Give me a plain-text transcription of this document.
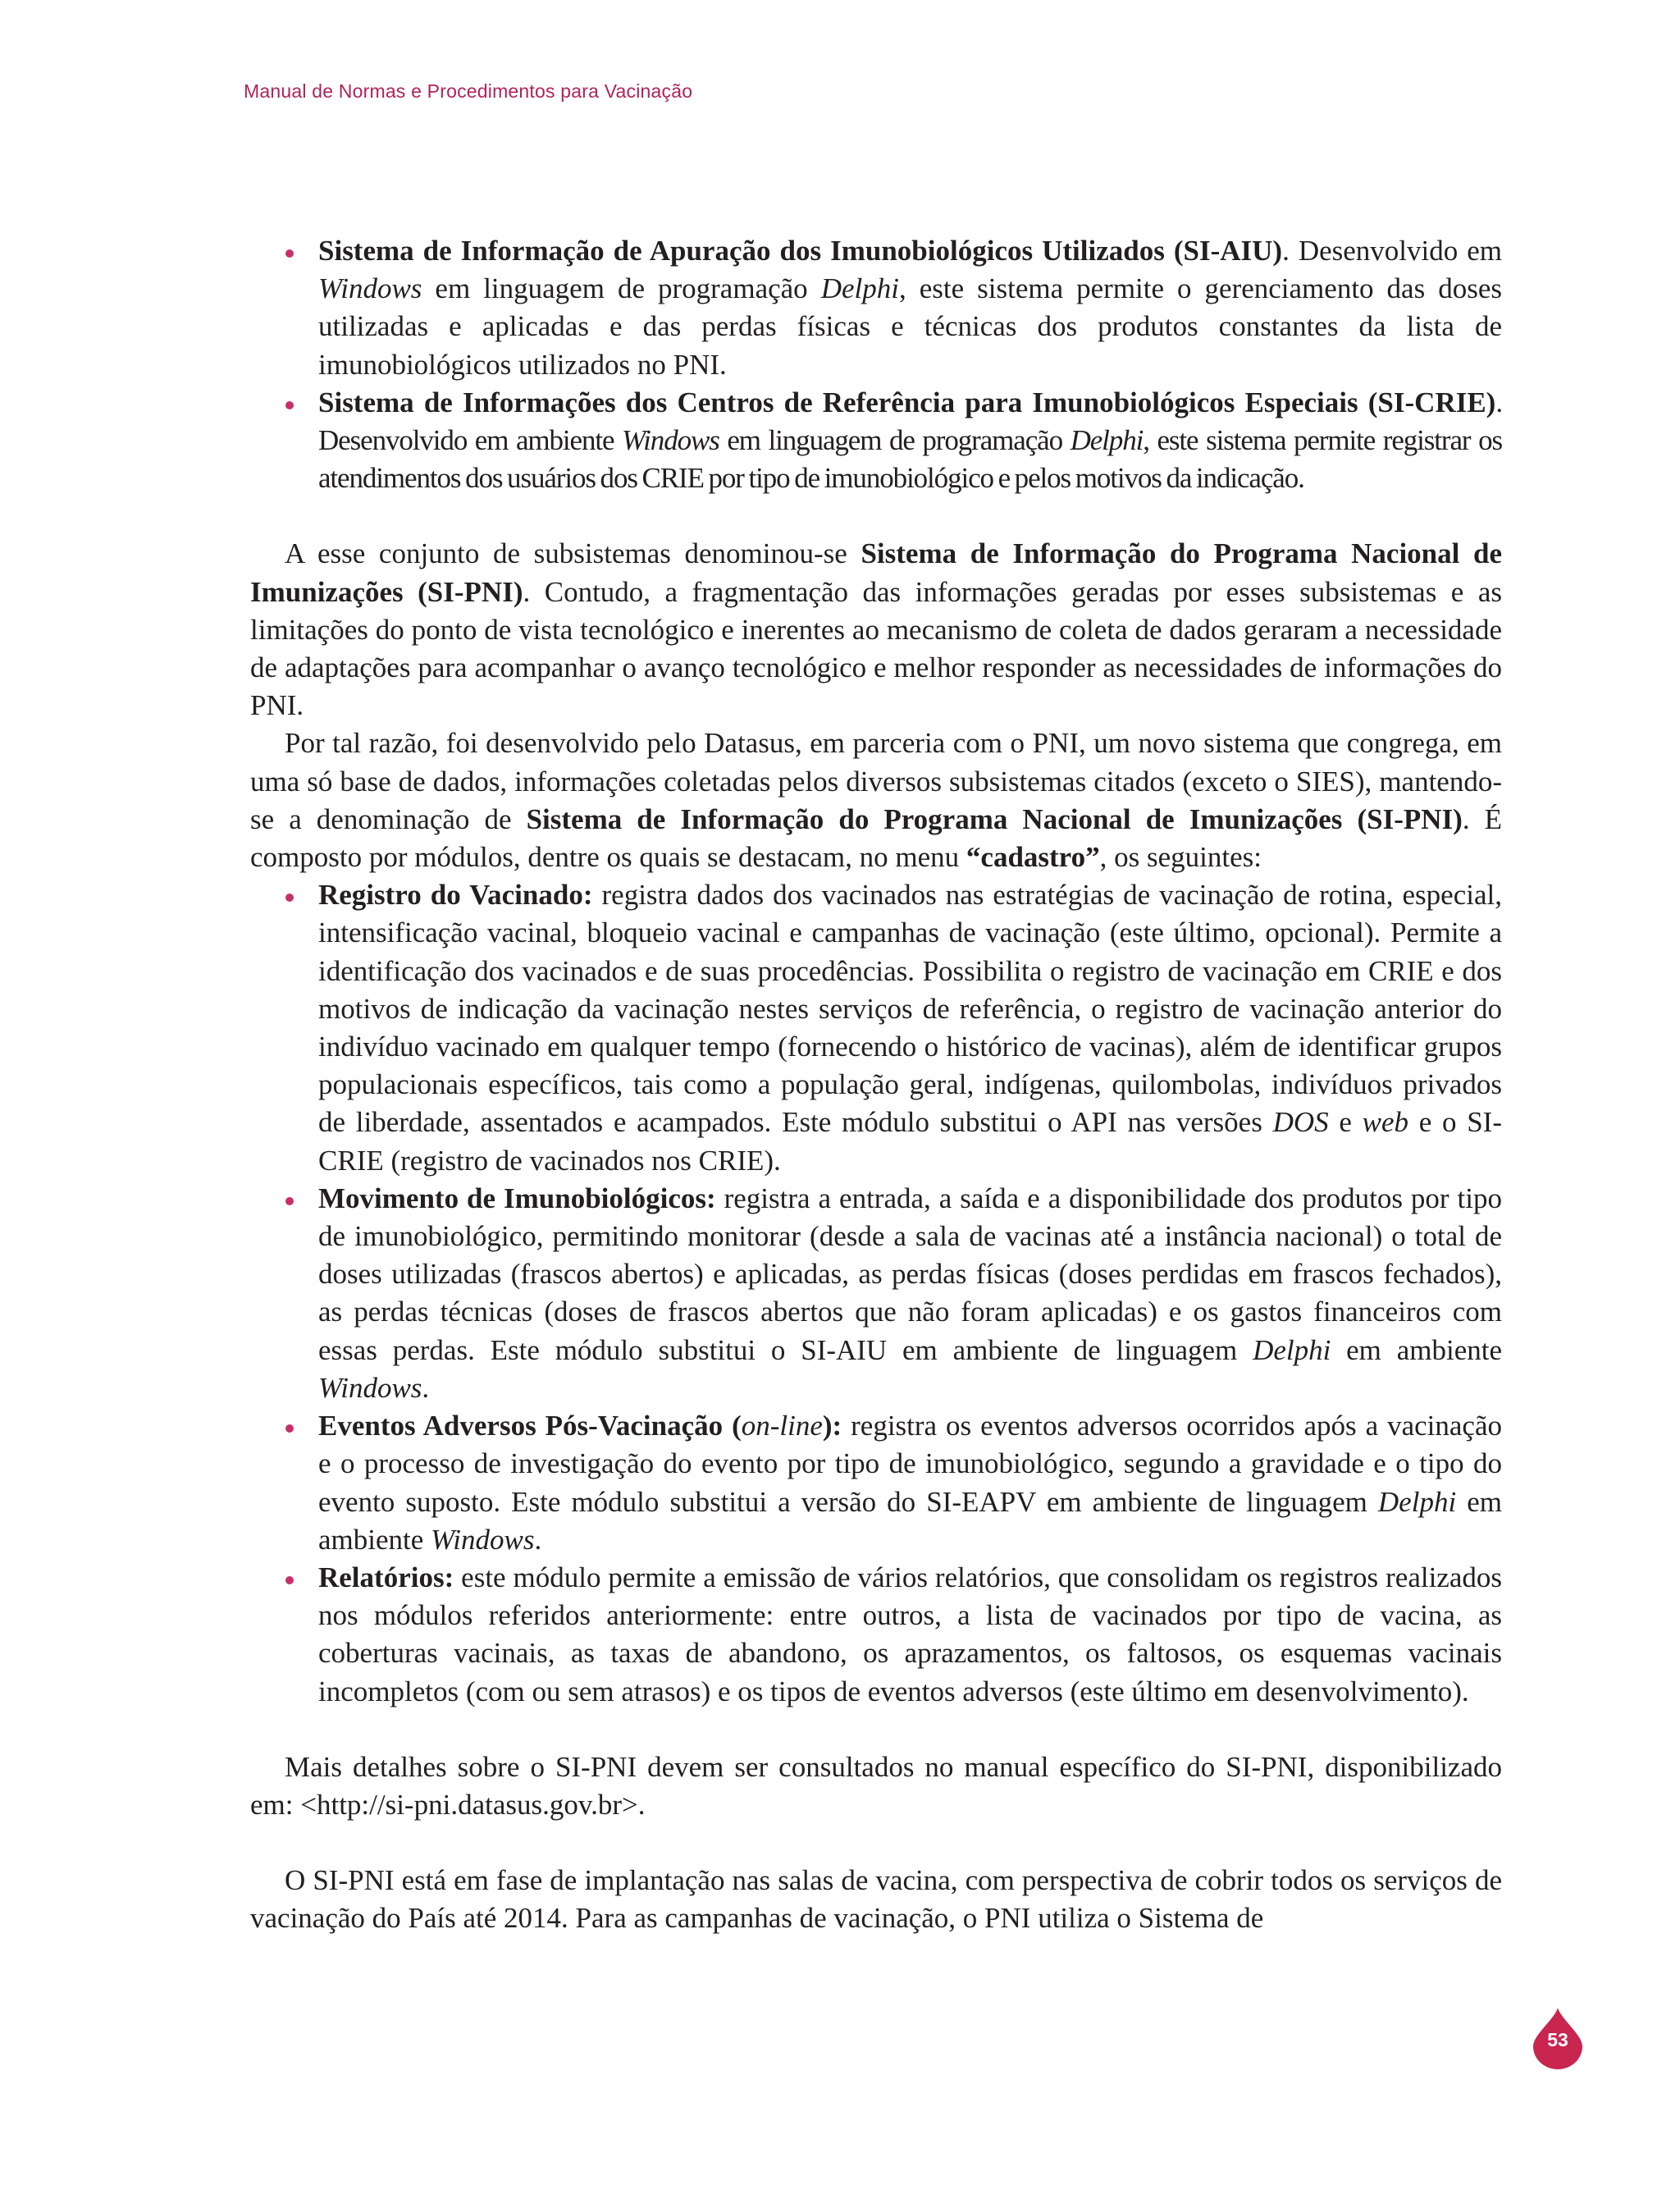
Manual de Normas e Procedimentos para Vacinação
Sistema de Informação de Apuração dos Imunobiológicos Utilizados (SI-AIU). Desenvolvido em Windows em linguagem de programação Delphi, este sistema permite o gerenciamento das doses utilizadas e aplicadas e das perdas físicas e técnicas dos produtos constantes da lista de imunobiológicos utilizados no PNI.
Sistema de Informações dos Centros de Referência para Imunobiológicos Especiais (SI-CRIE). Desenvolvido em ambiente Windows em linguagem de programação Delphi, este sistema permite registrar os atendimentos dos usuários dos CRIE por tipo de imunobiológico e pelos motivos da indicação.

A esse conjunto de subsistemas denominou-se Sistema de Informação do Programa Nacional de Imunizações (SI-PNI). Contudo, a fragmentação das informações geradas por esses subsistemas e as limitações do ponto de vista tecnológico e inerentes ao mecanismo de coleta de dados geraram a necessidade de adaptações para acompanhar o avanço tecnológico e melhor responder as necessidades de informações do PNI.

Por tal razão, foi desenvolvido pelo Datasus, em parceria com o PNI, um novo sistema que congrega, em uma só base de dados, informações coletadas pelos diversos subsistemas citados (exceto o SIES), mantendo-se a denominação de Sistema de Informação do Programa Nacional de Imunizações (SI-PNI). É composto por módulos, dentre os quais se destacam, no menu “cadastro”, os seguintes:

Registro do Vacinado: registra dados dos vacinados nas estratégias de vacinação de rotina, especial, intensificação vacinal, bloqueio vacinal e campanhas de vacinação (este último, opcional). Permite a identificação dos vacinados e de suas procedências. Possibilita o registro de vacinação em CRIE e dos motivos de indicação da vacinação nestes serviços de referência, o registro de vacinação anterior do indivíduo vacinado em qualquer tempo (fornecendo o histórico de vacinas), além de identificar grupos populacionais específicos, tais como a população geral, indígenas, quilombolas, indivíduos privados de liberdade, assentados e acampados. Este módulo substitui o API nas versões DOS e web e o SI-CRIE (registro de vacinados nos CRIE).
Movimento de Imunobiológicos: registra a entrada, a saída e a disponibilidade dos produtos por tipo de imunobiológico, permitindo monitorar (desde a sala de vacinas até a instância nacional) o total de doses utilizadas (frascos abertos) e aplicadas, as perdas físicas (doses perdidas em frascos fechados), as perdas técnicas (doses de frascos abertos que não foram aplicadas) e os gastos financeiros com essas perdas. Este módulo substitui o SI-AIU em ambiente de linguagem Delphi em ambiente Windows.
Eventos Adversos Pós-Vacinação (on-line): registra os eventos adversos ocorridos após a vacinação e o processo de investigação do evento por tipo de imunobiológico, segundo a gravidade e o tipo do evento suposto. Este módulo substitui a versão do SI-EAPV em ambiente de linguagem Delphi em ambiente Windows.
Relatórios: este módulo permite a emissão de vários relatórios, que consolidam os registros realizados nos módulos referidos anteriormente: entre outros, a lista de vacinados por tipo de vacina, as coberturas vacinais, as taxas de abandono, os aprazamentos, os faltosos, os esquemas vacinais incompletos (com ou sem atrasos) e os tipos de eventos adversos (este último em desenvolvimento).

Mais detalhes sobre o SI-PNI devem ser consultados no manual específico do SI-PNI, disponibilizado em: <http://si-pni.datasus.gov.br>.

O SI-PNI está em fase de implantação nas salas de vacina, com perspectiva de cobrir todos os serviços de vacinação do País até 2014. Para as campanhas de vacinação, o PNI utiliza o Sistema de

53
